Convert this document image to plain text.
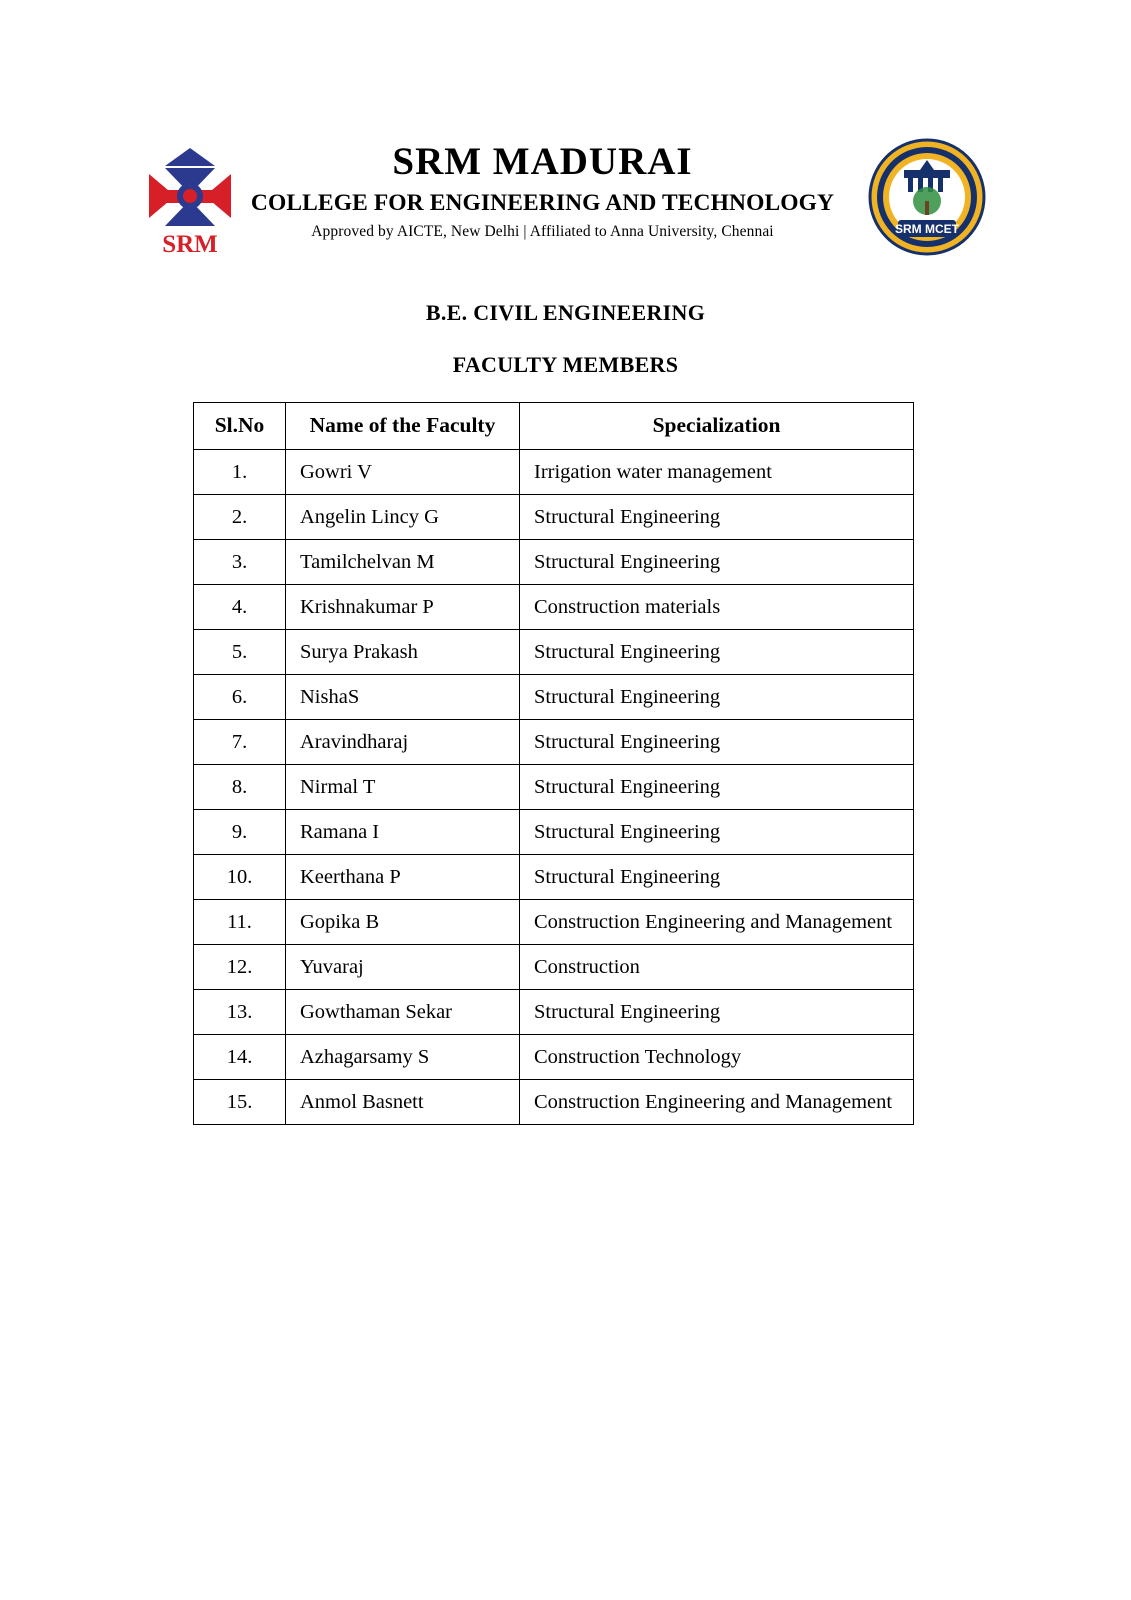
SRM
SRM MADURAI
COLLEGE FOR ENGINEERING AND TECHNOLOGY
Approved by AICTE, New Delhi | Affiliated to Anna University, Chennai	SRM MCET
B.E. CIVIL ENGINEERING
FACULTY MEMBERS
Sl.No	Name of the Faculty	Specialization
1.	Gowri V	Irrigation water management
2.	Angelin Lincy G	Structural Engineering
3.	Tamilchelvan M	Structural Engineering
4.	Krishnakumar P	Construction materials
5.	Surya Prakash	Structural Engineering
6.	NishaS	Structural Engineering
7.	Aravindharaj	Structural Engineering
8.	Nirmal T	Structural Engineering
9.	Ramana I	Structural Engineering
10.	Keerthana P	Structural Engineering
11.	Gopika B	Construction Engineering and Management
12.	Yuvaraj	Construction
13.	Gowthaman Sekar	Structural Engineering
14.	Azhagarsamy S	Construction Technology
15.	Anmol Basnett	Construction Engineering and Management
